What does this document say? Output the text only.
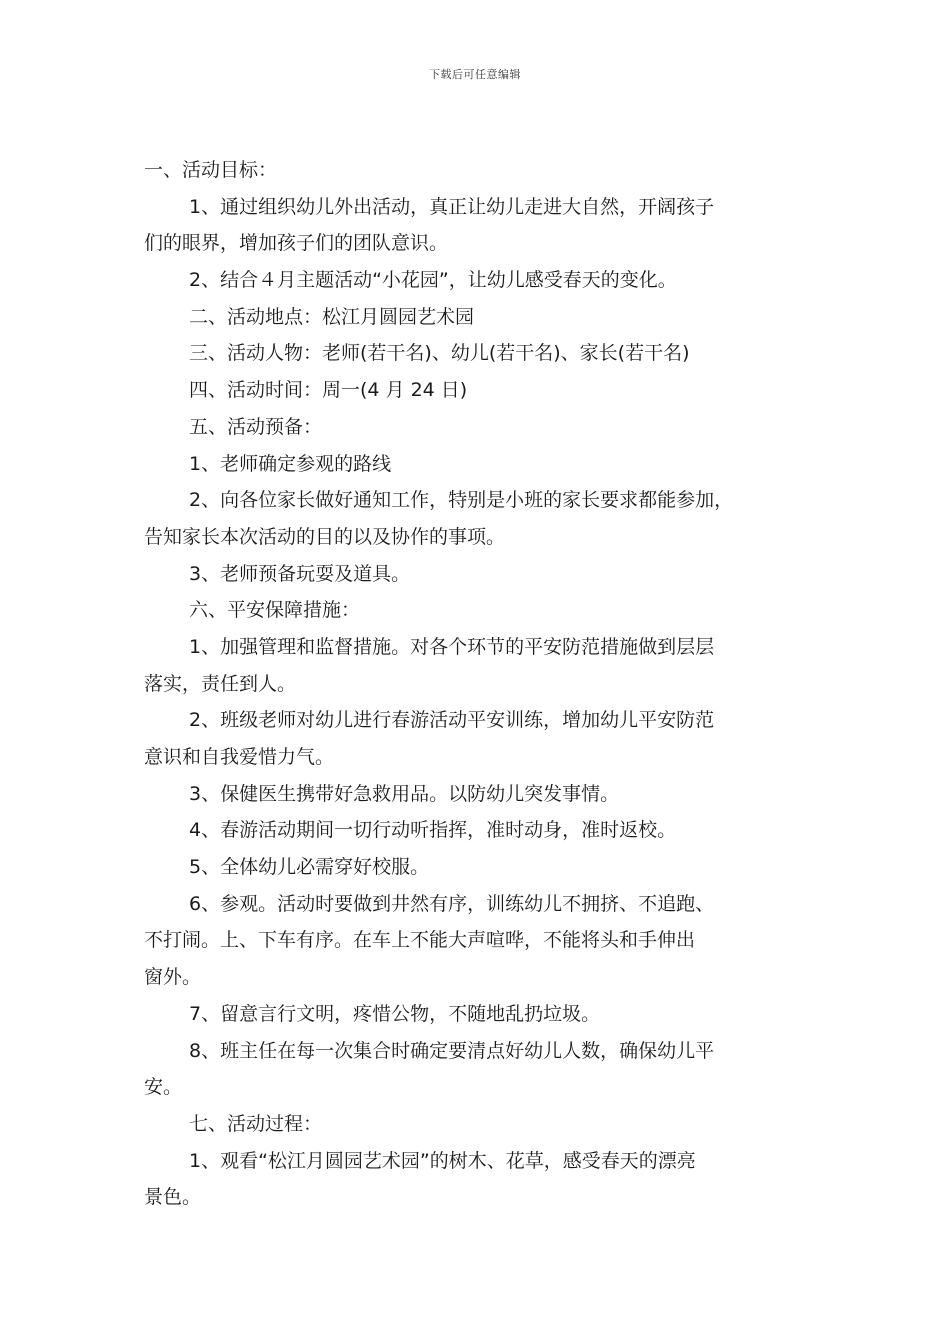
下载后可任意编辑
一、活动目标：
1、通过组织幼儿外出活动，真正让幼儿走进大自然，开阔孩子
们的眼界，增加孩子们的团队意识。
2、结合４月主题活动“小花园”，让幼儿感受春天的变化。
二、活动地点：松江月圆园艺术园
三、活动人物：老师(若干名)、幼儿(若干名)、家长(若干名)
四、活动时间：周一(4 月 24 日)
五、活动预备：
1、老师确定参观的路线
2、向各位家长做好通知工作，特别是小班的家长要求都能参加，
告知家长本次活动的目的以及协作的事项。
3、老师预备玩耍及道具。
六、平安保障措施：
1、加强管理和监督措施。对各个环节的平安防范措施做到层层
落实，责任到人。
2、班级老师对幼儿进行春游活动平安训练，增加幼儿平安防范
意识和自我爱惜力气。
3、保健医生携带好急救用品。以防幼儿突发事情。
4、春游活动期间一切行动听指挥，准时动身，准时返校。
5、全体幼儿必需穿好校服。
6、参观。活动时要做到井然有序，训练幼儿不拥挤、不追跑、
不打闹。上、下车有序。在车上不能大声喧哗，不能将头和手伸出
窗外。
7、留意言行文明，疼惜公物，不随地乱扔垃圾。
8、班主任在每一次集合时确定要清点好幼儿人数，确保幼儿平
安。
七、活动过程：
1、观看“松江月圆园艺术园”的树木、花草，感受春天的漂亮
景色。
